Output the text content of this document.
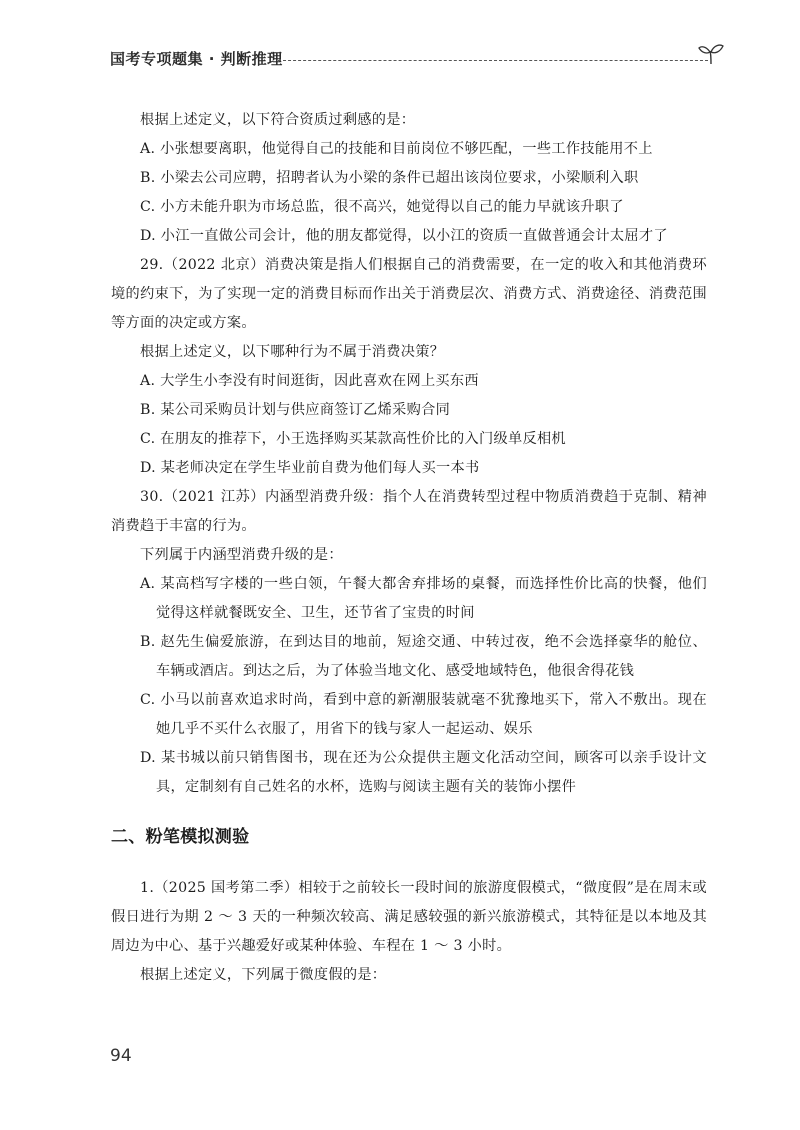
国考专项题集 · 判断推理

根据上述定义，以下符合资质过剩感的是：

A. 小张想要离职，他觉得自己的技能和目前岗位不够匹配，一些工作技能用不上

B. 小梁去公司应聘，招聘者认为小梁的条件已超出该岗位要求，小梁顺利入职

C. 小方未能升职为市场总监，很不高兴，她觉得以自己的能力早就该升职了

D. 小江一直做公司会计，他的朋友都觉得，以小江的资质一直做普通会计太屈才了

29.（2022 北京）消费决策是指人们根据自己的消费需要，在一定的收入和其他消费环境的约束下，为了实现一定的消费目标而作出关于消费层次、消费方式、消费途径、消费范围等方面的决定或方案。

根据上述定义，以下哪种行为不属于消费决策？

A. 大学生小李没有时间逛街，因此喜欢在网上买东西

B. 某公司采购员计划与供应商签订乙烯采购合同

C. 在朋友的推荐下，小王选择购买某款高性价比的入门级单反相机

D. 某老师决定在学生毕业前自费为他们每人买一本书

30.（2021 江苏）内涵型消费升级：指个人在消费转型过程中物质消费趋于克制、精神消费趋于丰富的行为。

下列属于内涵型消费升级的是：

A. 某高档写字楼的一些白领，午餐大都舍弃排场的桌餐，而选择性价比高的快餐，他们觉得这样就餐既安全、卫生，还节省了宝贵的时间

B. 赵先生偏爱旅游，在到达目的地前，短途交通、中转过夜，绝不会选择豪华的舱位、车辆或酒店。到达之后，为了体验当地文化、感受地域特色，他很舍得花钱

C. 小马以前喜欢追求时尚，看到中意的新潮服装就毫不犹豫地买下，常入不敷出。现在她几乎不买什么衣服了，用省下的钱与家人一起运动、娱乐

D. 某书城以前只销售图书，现在还为公众提供主题文化活动空间，顾客可以亲手设计文具，定制刻有自己姓名的水杯，选购与阅读主题有关的装饰小摆件

二、粉笔模拟测验

1.（2025 国考第二季）相较于之前较长一段时间的旅游度假模式，“微度假”是在周末或假日进行为期 2 ～ 3 天的一种频次较高、满足感较强的新兴旅游模式，其特征是以本地及其周边为中心、基于兴趣爱好或某种体验、车程在 1 ～ 3 小时。

根据上述定义，下列属于微度假的是：

94
